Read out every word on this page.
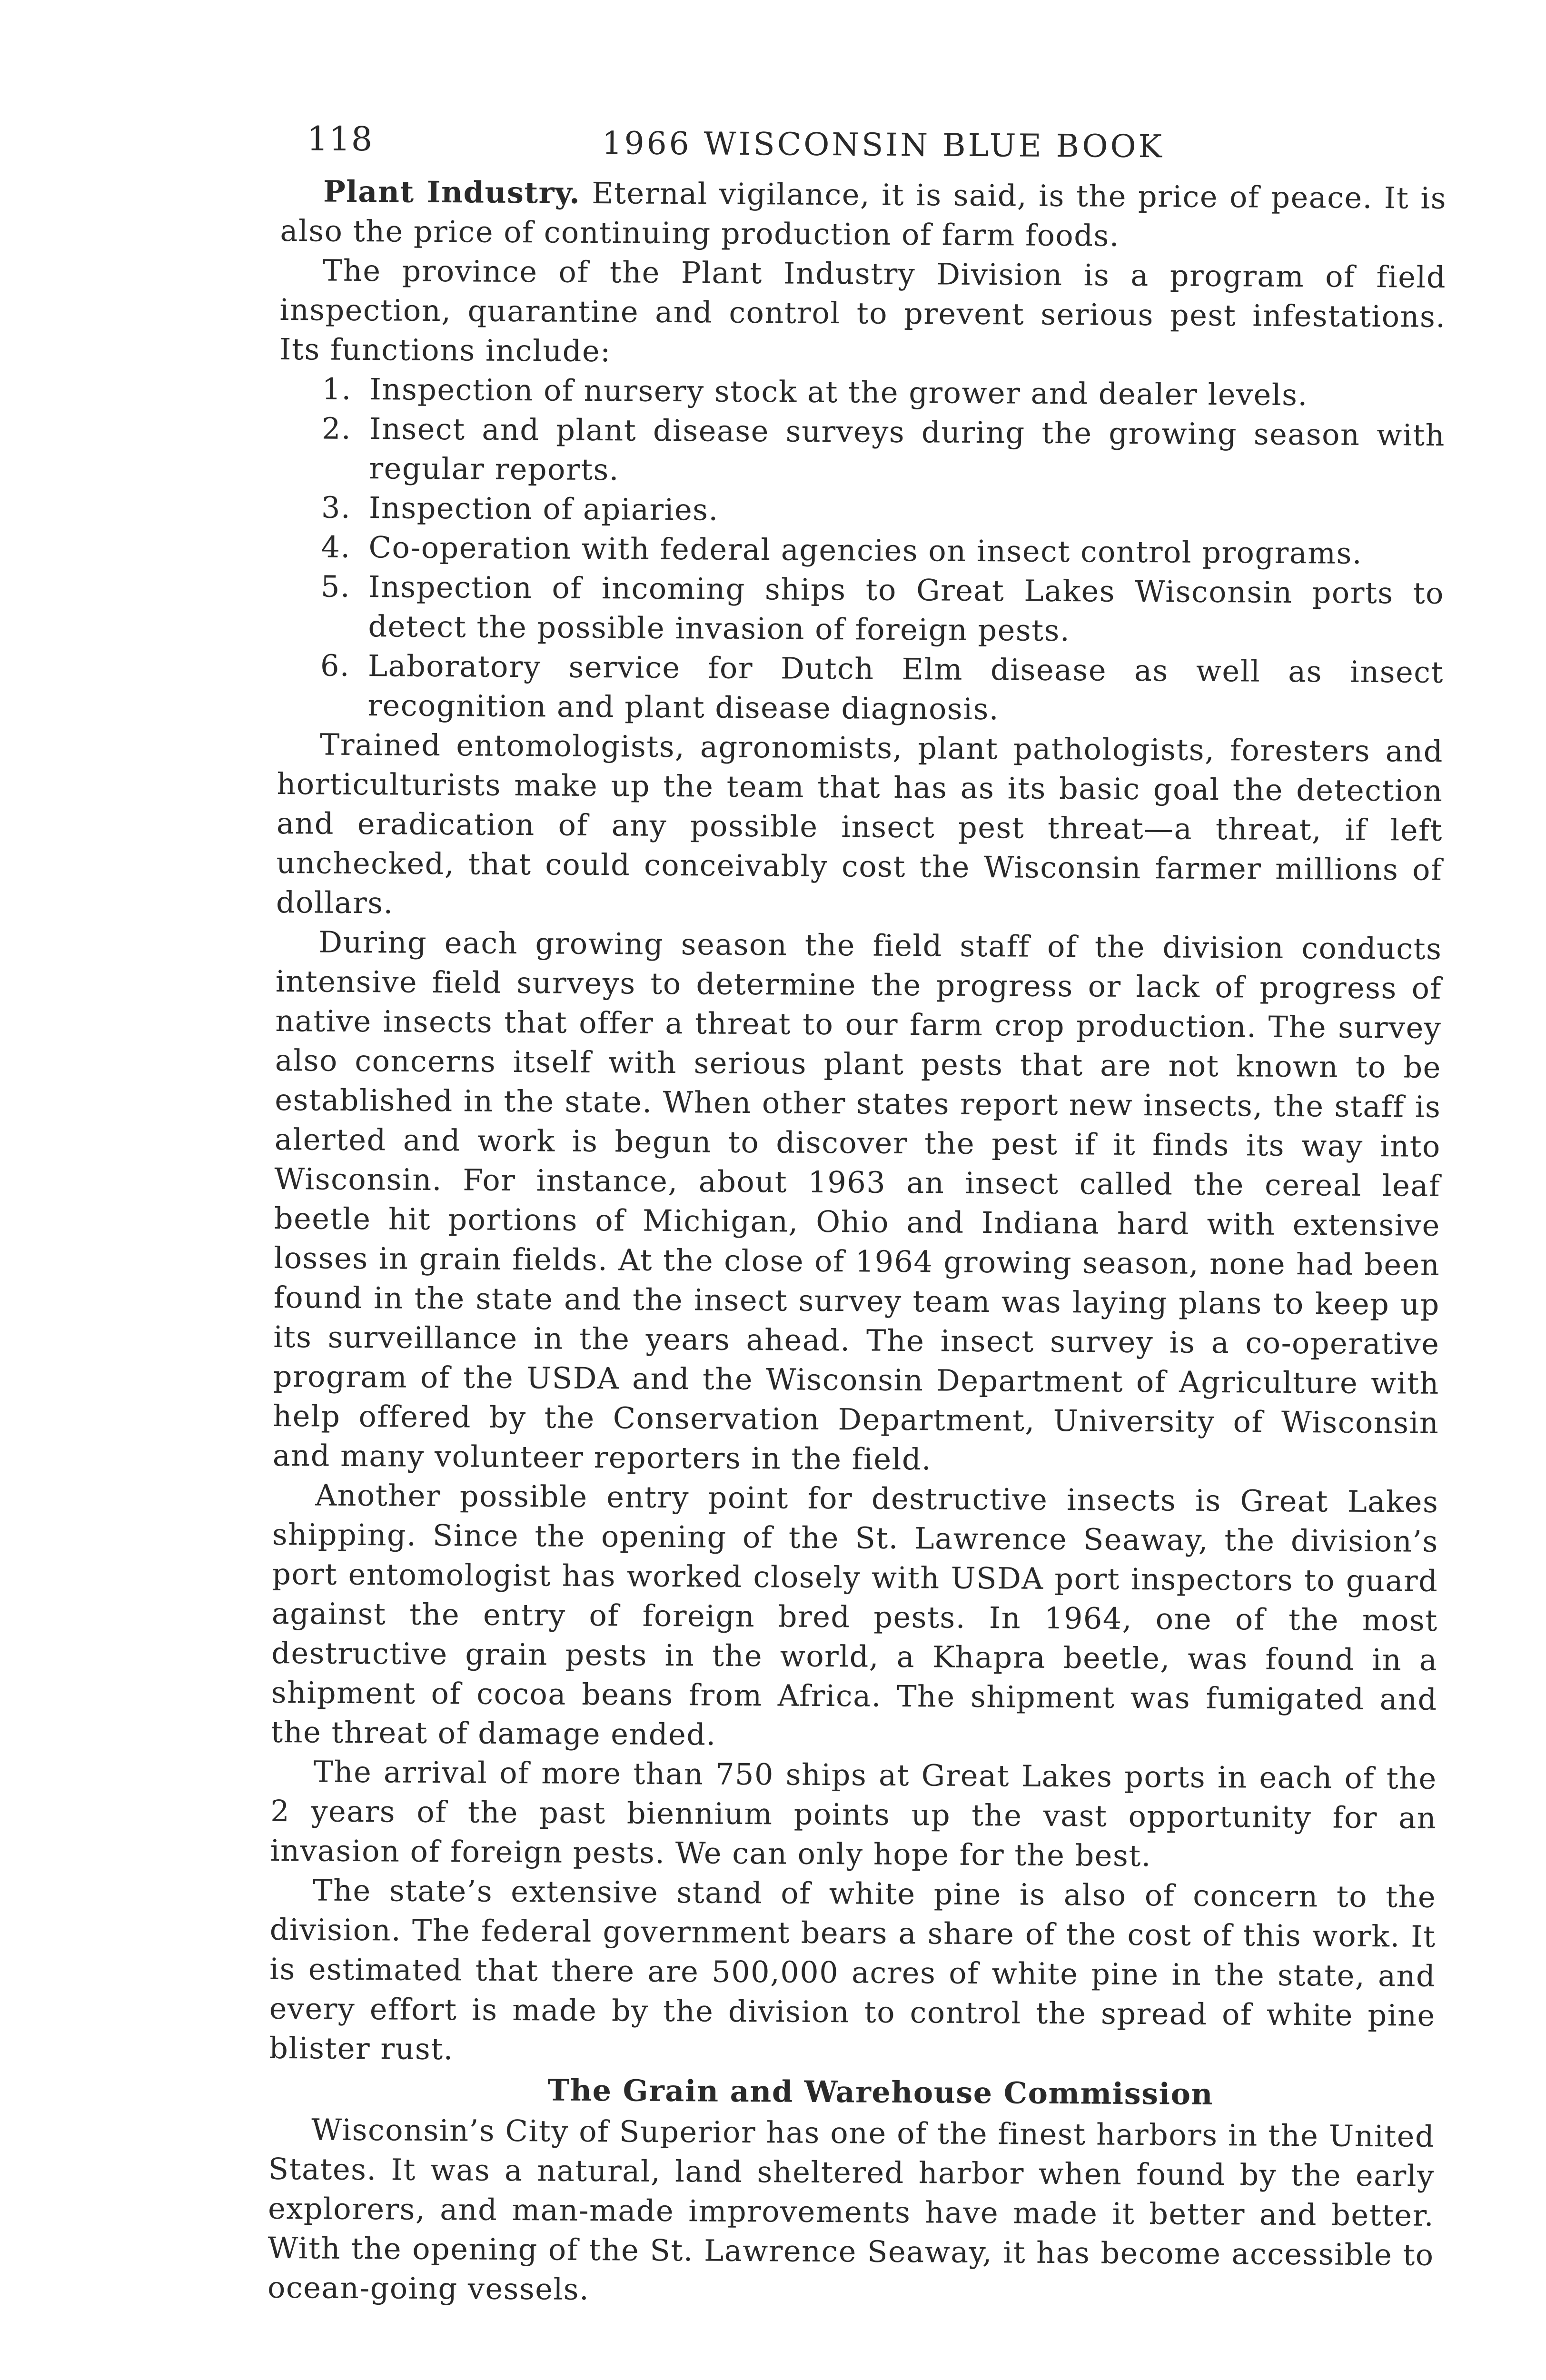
118	1966 WISCONSIN BLUE BOOK

Plant Industry. Eternal vigilance, it is said, is the price of peace. It is also the price of continuing production of farm foods.

The province of the Plant Industry Division is a program of field inspection, quarantine and control to prevent serious pest infestations. Its functions include:

1. Inspection of nursery stock at the grower and dealer levels.
2. Insect and plant disease surveys during the growing season with regular reports.
3. Inspection of apiaries.
4. Co-operation with federal agencies on insect control programs.
5. Inspection of incoming ships to Great Lakes Wisconsin ports to detect the possible invasion of foreign pests.
6. Laboratory service for Dutch Elm disease as well as insect recognition and plant disease diagnosis.

Trained entomologists, agronomists, plant pathologists, foresters and horticulturists make up the team that has as its basic goal the detection and eradication of any possible insect pest threat—a threat, if left unchecked, that could conceivably cost the Wisconsin farmer millions of dollars.

During each growing season the field staff of the division conducts intensive field surveys to determine the progress or lack of progress of native insects that offer a threat to our farm crop production. The survey also concerns itself with serious plant pests that are not known to be established in the state. When other states report new insects, the staff is alerted and work is begun to discover the pest if it finds its way into Wisconsin. For instance, about 1963 an insect called the cereal leaf beetle hit portions of Michigan, Ohio and Indiana hard with extensive losses in grain fields. At the close of 1964 growing season, none had been found in the state and the insect survey team was laying plans to keep up its surveillance in the years ahead. The insect survey is a co-operative program of the USDA and the Wisconsin Department of Agriculture with help offered by the Conservation Department, University of Wisconsin and many volunteer reporters in the field.

Another possible entry point for destructive insects is Great Lakes shipping. Since the opening of the St. Lawrence Seaway, the division’s port entomologist has worked closely with USDA port inspectors to guard against the entry of foreign bred pests. In 1964, one of the most destructive grain pests in the world, a Khapra beetle, was found in a shipment of cocoa beans from Africa. The shipment was fumigated and the threat of damage ended.

The arrival of more than 750 ships at Great Lakes ports in each of the 2 years of the past biennium points up the vast opportunity for an invasion of foreign pests. We can only hope for the best.

The state’s extensive stand of white pine is also of concern to the division. The federal government bears a share of the cost of this work. It is estimated that there are 500,000 acres of white pine in the state, and every effort is made by the division to control the spread of white pine blister rust.

The Grain and Warehouse Commission

Wisconsin’s City of Superior has one of the finest harbors in the United States. It was a natural, land sheltered harbor when found by the early explorers, and man-made improvements have made it better and better. With the opening of the St. Lawrence Seaway, it has become accessible to ocean-going vessels.
